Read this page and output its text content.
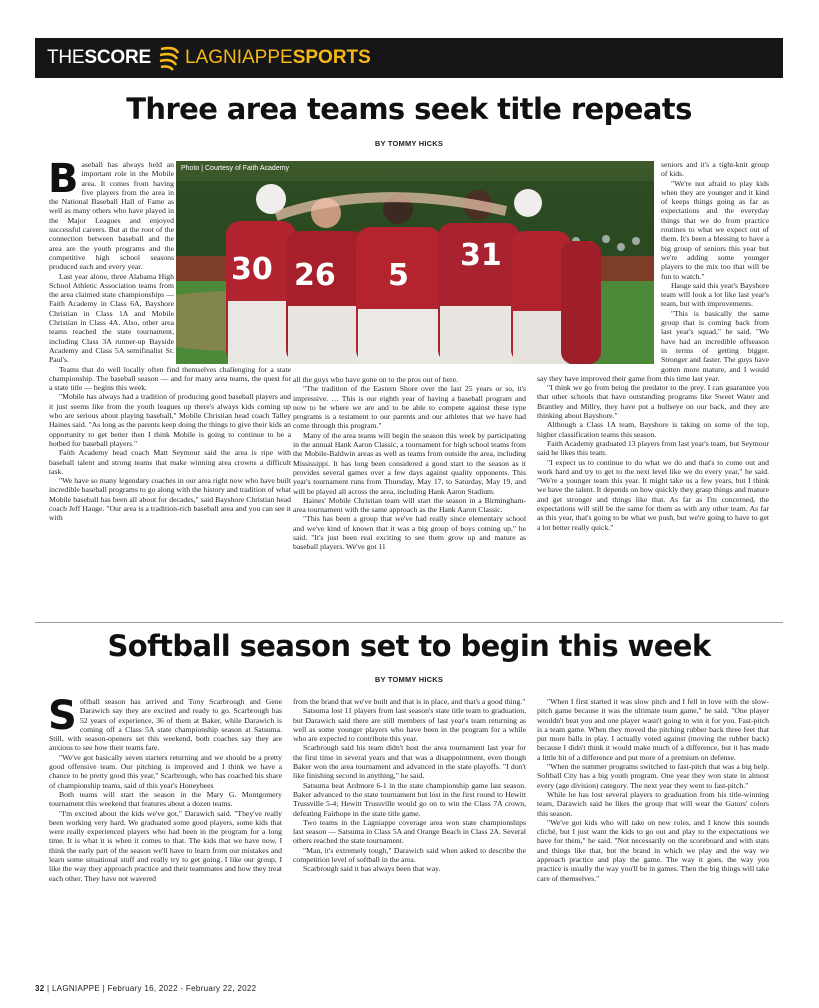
THESCORE LAGNIAPPESPORTS
Three area teams seek title repeats
BY TOMMY HICKS
Photo | Courtesy of Faith Academy
30 26 5
31

Baseball has always held an important role in the Mobile area. It comes from having five players from the area in the National Baseball Hall of Fame as well as many others who have played in the Major Leagues and enjoyed successful careers. But at the root of the connection between baseball and the area are the youth programs and the competitive high school seasons produced each and every year.

Last year alone, three Alabama High School Athletic Association teams from the area claimed state championships — Faith Academy in Class 6A, Bayshore Christian in Class 1A and Mobile Christian in Class 4A. Also, other area teams reached the state tournament, including Class 3A runner-up Bayside Academy and Class 5A semifinalist St. Paul's.

Teams that do well locally often find themselves challenging for a state championship. The baseball season — and for many area teams, the quest for a state title — begins this week.

"Mobile has always had a tradition of producing good baseball players and it just seems like from the youth leagues up there's always kids coming up who are serious about playing baseball," Mobile Christian head coach Talley Haines said. "As long as the parents keep doing the things to give their kids an opportunity to get better then I think Mobile is going to continue to be a hotbed for baseball players."

Faith Academy head coach Matt Seymour said the area is ripe with baseball talent and strong teams that make winning area crowns a difficult task.

"We have so many legendary coaches in our area right now who have built incredible baseball programs to go along with the history and tradition of what Mobile baseball has been all about for decades," said Bayshore Christian head coach Jeff Hauge. "Our area is a tradition-rich baseball area and you can see it with

all the guys who have gone on to the pros out of here.

"The tradition of the Eastern Shore over the last 25 years or so, it's impressive. … This is our eighth year of having a baseball program and now to be where we are and to be able to compete against these type programs is a testament to our parents and our athletes that we have had come through this program."

Many of the area teams will begin the season this week by participating in the annual Hank Aaron Classic, a tournament for high school teams from the Mobile-Baldwin areas as well as teams from outside the area, including Mississippi. It has long been considered a good start to the season as it provides several games over a few days against quality opponents. This year's tournament runs from Thursday, May 17, to Saturday, May 19, and will be played all across the area, including Hank Aaron Stadium.

Haines' Mobile Christian team will start the season in a Birmingham-area tournament with the same approach as the Hank Aaron Classic.

"This has been a group that we've had really since elementary school and we've kind of known that it was a big group of boys coming up," he said. "It's just been real exciting to see them grow up and mature as baseball players. We've got 11

seniors and it's a tight-knit group of kids.

"We're not afraid to play kids when they are younger and it kind of keeps things going as far as expectations and the everyday things that we do from practice routines to what we expect out of them. It's been a blessing to have a big group of seniors this year but we're adding some younger players to the mix too that will be fun to watch."

Hauge said this year's Bayshore team will look a lot like last year's team, but with improvements.

"This is basically the same group that is coming back from last year's squad," he said. "We have had an incredible offseason in terms of getting bigger. Stronger and faster. The guys have gotten more mature, and I would say they have improved their game from this time last year.

"I think we go from being the predator to the prey. I can guarantee you that other schools that have outstanding programs like Sweet Water and Brantley and Millry, they have put a bullseye on our back, and they are thinking about Bayshore."

Although a Class 1A team, Bayshore is taking on some of the top, higher classification teams this season.

Faith Academy graduated 13 players from last year's team, but Seymour said he likes this team.

"I expect us to continue to do what we do and that's to come out and work hard and try to get to the next level like we do every year," he said. "We're a younger team this year. It might take us a few years, but I think we have the talent. It depends on how quickly they grasp things and mature and get stronger and things like that. As far as I'm concerned, the expectations will still be the same for them as with any other team. As far as this year, that's going to be what we push, but we're going to have to get a lot better really quick."

Softball season set to begin this week
BY TOMMY HICKS

Softball season has arrived and Tony Scarbrough and Gene Darawich say they are excited and ready to go. Scarbrough has 52 years of experience, 36 of them at Baker, while Darawich is coming off a Class 5A state championship season at Satsuma. Still, with season-openers set this weekend, both coaches say they are anxious to see how their teams fare.

"We've got basically seven starters returning and we should be a pretty good offensive team. Our pitching is improved and I think we have a chance to be pretty good this year," Scarbrough, who has coached his share of championship teams, said of this year's Honeybees

Both teams will start the season in the Mary G. Montgomery tournament this weekend that features about a dozen teams.

"I'm excited about the kids we've got," Darawich said. "They've really been working very hard. We graduated some good players, some kids that were really experienced players who had been in the program for a long time. It is what it is when it comes to that. The kids that we have now, I think the early part of the season we'll have to learn from our mistakes and learn some situational stuff and really try to get going. I like our group, I like the way they approach practice and their teammates and how they treat each other. They have not wavered

from the brand that we've built and that is in place, and that's a good thing."

Satsuma lost 11 players from last season's state title team to graduation, but Darawich said there are still members of last year's team returning as well as some younger players who have been in the program for a while who are expected to contribute this year.

Scarbrough said his team didn't host the area tournament last year for the first time in several years and that was a disappointment, even though Baker won the area tournament and advanced in the state playoffs. "I don't like finishing second in anything," he said.

Satsuma beat Ardmore 6-1 in the state championship game last season. Baker advanced to the state tournament but lost in the first round to Hewitt Trussville 5-4; Hewitt Trussville would go on to win the Class 7A crown, defeating Fairhope in the state title game.

Two teams in the Lagniappe coverage area won state championships last season — Satsuma in Class 5A and Orange Beach in Class 2A. Several others reached the state tournament.

"Man, it's extremely tough," Darawich said when asked to describe the competition level of softball in the area.

Scarbrough said it has always been that way.

"When I first started it was slow pitch and I fell in love with the slow-pitch game because it was the ultimate team game," he said. "One player wouldn't beat you and one player wasn't going to win it for you. Fast-pitch is a team game. When they moved the pitching rubber back three feet that put more balls in play. I actually voted against (moving the rubber back) because I didn't think it would make much of a difference, but it has made a little bit of a difference and put more of a premium on defense.

"When the summer programs switched to fast-pitch that was a big help. Softball City has a big youth program. One year they won state in almost every (age division) category. The next year they went to fast-pitch."

While he has lost several players to graduation from his title-winning team, Darawich said he likes the group that will wear the Gators' colors this season.

"We've got kids who will take on new roles, and I know this sounds cliché, but I just want the kids to go out and play to the expectations we have for them," he said. "Not necessarily on the scoreboard and with stats and things like that, but the brand in which we play and the way we approach practice and play the game. The way it goes, the way you practice is usually the way you'll be in games. Then the big things will take care of themselves."

32 | LAGNIAPPE | February 16, 2022 - February 22, 2022
